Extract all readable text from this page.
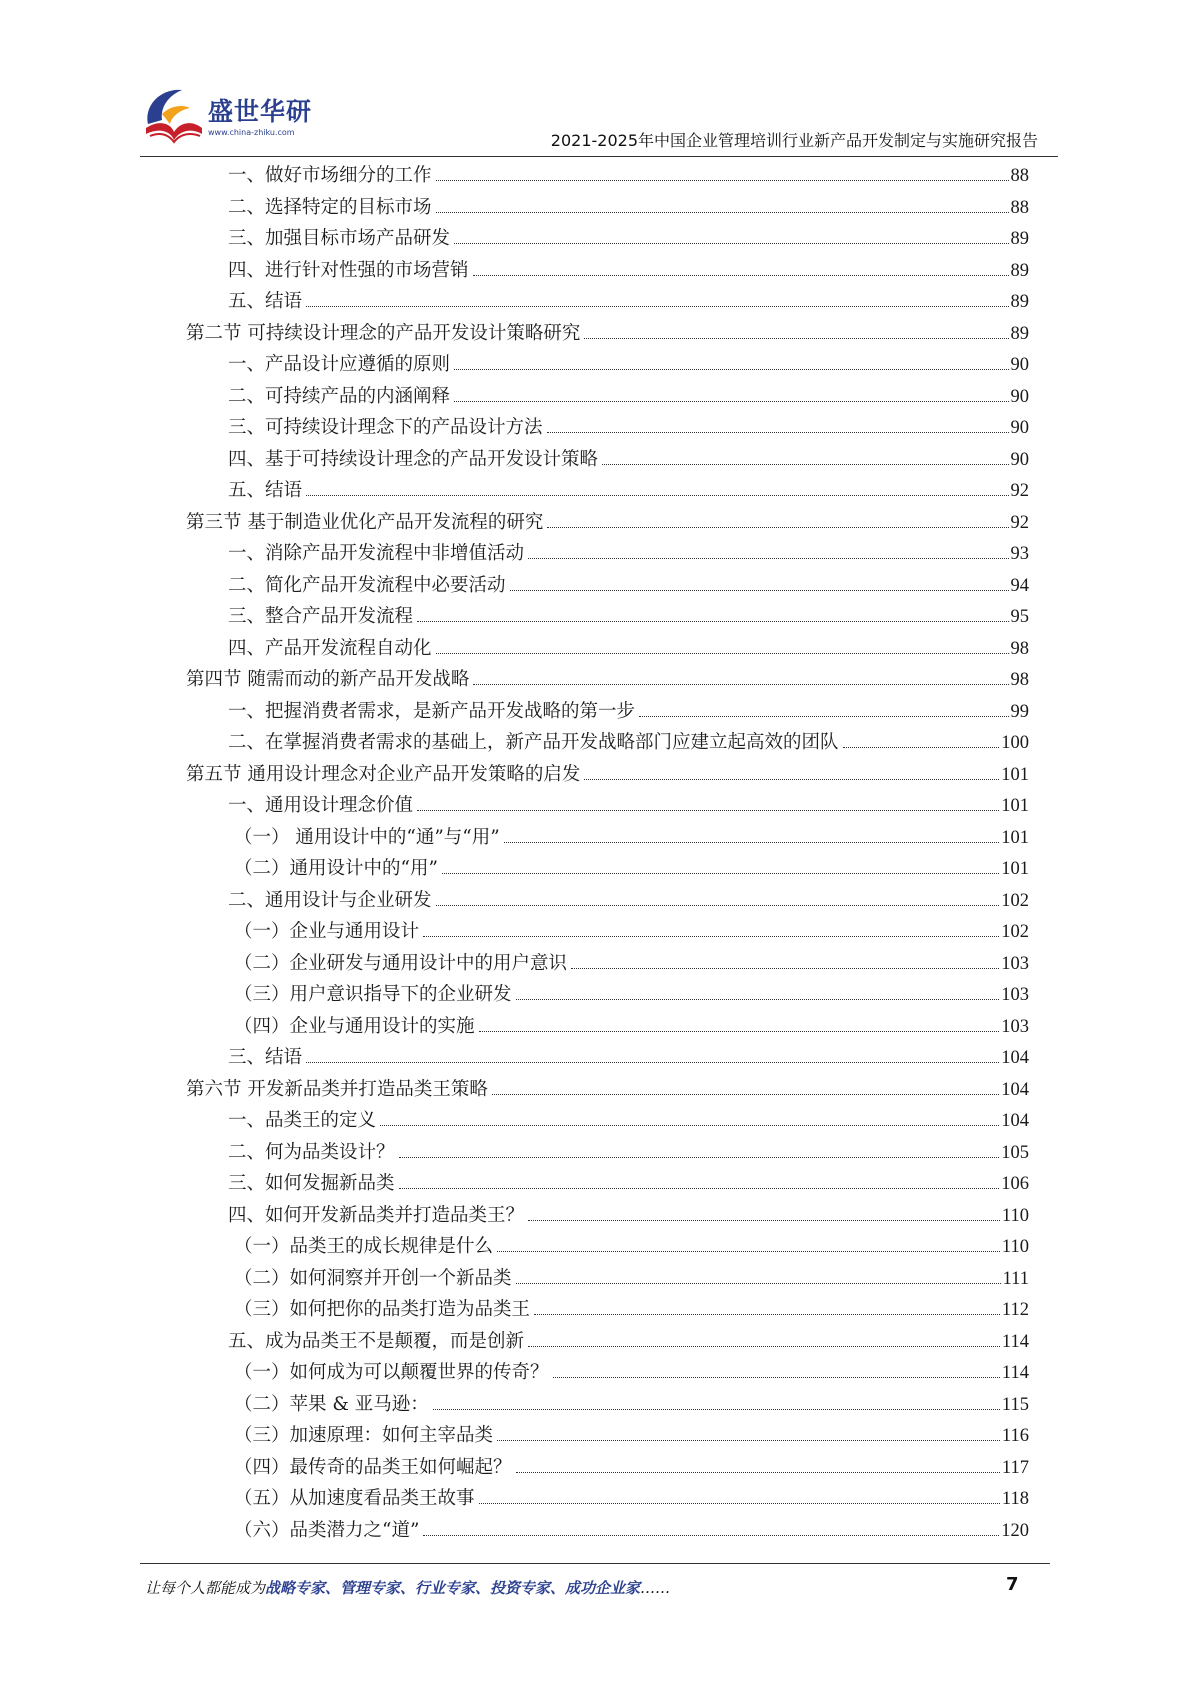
盛世华研
www.china-zhiku.com	2021-2025年中国企业管理培训行业新产品开发制定与实施研究报告
一、做好市场细分的工作	88
二、选择特定的目标市场	88
三、加强目标市场产品研发	89
四、进行针对性强的市场营销	89
五、结语	89
第二节 可持续设计理念的产品开发设计策略研究	89
一、产品设计应遵循的原则	90
二、可持续产品的内涵阐释	90
三、可持续设计理念下的产品设计方法	90
四、基于可持续设计理念的产品开发设计策略	90
五、结语	92
第三节 基于制造业优化产品开发流程的研究	92
一、消除产品开发流程中非增值活动	93
二、简化产品开发流程中必要活动	94
三、整合产品开发流程	95
四、产品开发流程自动化	98
第四节 随需而动的新产品开发战略	98
一、把握消费者需求，是新产品开发战略的第一步	99
二、在掌握消费者需求的基础上，新产品开发战略部门应建立起高效的团队	100
第五节 通用设计理念对企业产品开发策略的启发	101
一、通用设计理念价值	101
（一） 通用设计中的“通”与“用”	101
（二）通用设计中的“用”	101
二、通用设计与企业研发	102
（一）企业与通用设计	102
（二）企业研发与通用设计中的用户意识	103
（三）用户意识指导下的企业研发	103
（四）企业与通用设计的实施	103
三、结语	104
第六节 开发新品类并打造品类王策略	104
一、品类王的定义	104
二、何为品类设计？	105
三、如何发掘新品类	106
四、如何开发新品类并打造品类王？	110
（一）品类王的成长规律是什么	110
（二）如何洞察并开创一个新品类	111
（三）如何把你的品类打造为品类王	112
五、成为品类王不是颠覆，而是创新	114
（一）如何成为可以颠覆世界的传奇？	114
（二）苹果 & 亚马逊：	115
（三）加速原理：如何主宰品类	116
（四）最传奇的品类王如何崛起？	117
（五）从加速度看品类王故事	118
（六）品类潜力之“道”	120
让每个人都能成为战略专家、管理专家、行业专家、投资专家、成功企业家……	7
